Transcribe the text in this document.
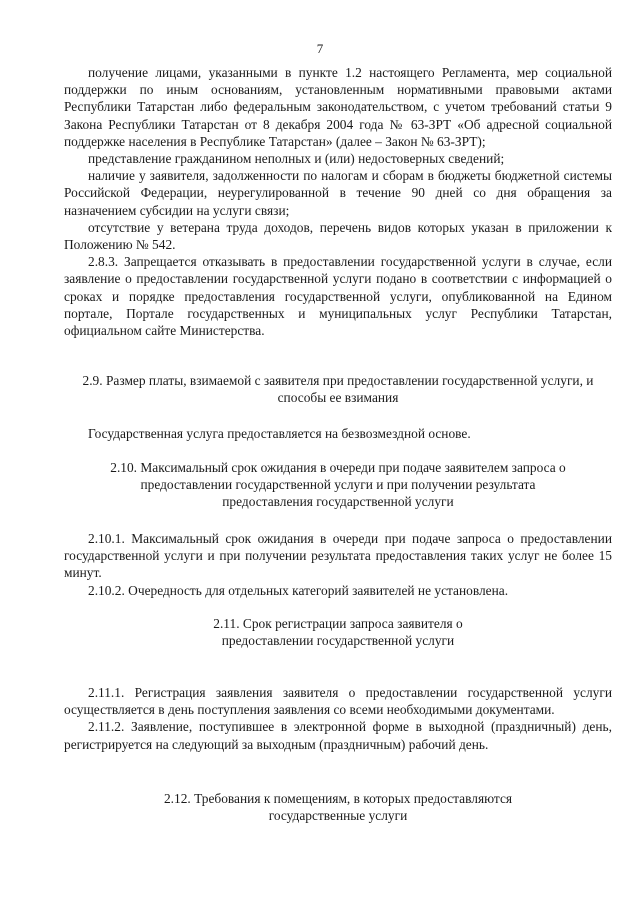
7

получение лицами, указанными в пункте 1.2 настоящего Регламента, мер социальной поддержки по иным основаниям, установленным нормативными правовыми актами Республики Татарстан либо федеральным законодательством, с учетом требований статьи 9 Закона Республики Татарстан от 8 декабря 2004 года № 63-ЗРТ «Об адресной социальной поддержке населения в Республике Татарстан» (далее – Закон № 63-ЗРТ);

представление гражданином неполных и (или) недостоверных сведений;

наличие у заявителя, задолженности по налогам и сборам в бюджеты бюджетной системы Российской Федерации, неурегулированной в течение 90 дней со дня обращения за назначением субсидии на услуги связи;

отсутствие у ветерана труда доходов, перечень видов которых указан в приложении к Положению № 542.

2.8.3. Запрещается отказывать в предоставлении государственной услуги в случае, если заявление о предоставлении государственной услуги подано в соответствии с информацией о сроках и порядке предоставления государственной услуги, опубликованной на Едином портале, Портале государственных и муниципальных услуг Республики Татарстан, официальном сайте Министерства.

2.9. Размер платы, взимаемой с заявителя при предоставлении государственной услуги, и способы ее взимания
Государственная услуга предоставляется на безвозмездной основе.
2.10. Максимальный срок ожидания в очереди при подаче заявителем запроса о предоставлении государственной услуги и при получении результата предоставления государственной услуги

2.10.1. Максимальный срок ожидания в очереди при подаче запроса о предоставлении государственной услуги и при получении результата предоставления таких услуг не более 15 минут.

2.10.2. Очередность для отдельных категорий заявителей не установлена.

2.11. Срок регистрации запроса заявителя о предоставлении государственной услуги

2.11.1. Регистрация заявления заявителя о предоставлении государственной услуги осуществляется в день поступления заявления со всеми необходимыми документами.

2.11.2. Заявление, поступившее в электронной форме в выходной (праздничный) день, регистрируется на следующий за выходным (праздничным) рабочий день.

2.12. Требования к помещениям, в которых предоставляются государственные услуги
